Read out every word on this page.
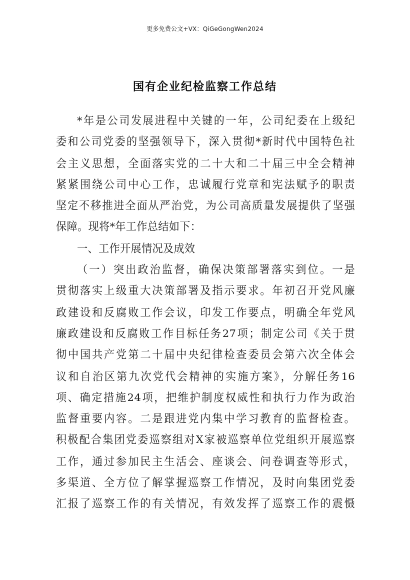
更多免费公文+VX：QiGeGongWen2024
国有企业纪检监察工作总结
*年是公司发展进程中关键的一年，公司纪委在上级纪
委和公司党委的坚强领导下，深入贯彻*新时代中国特色社
会主义思想，全面落实党的二十大和二十届三中全会精神
紧紧围绕公司中心工作，忠诚履行党章和宪法赋予的职责
坚定不移推进全面从严治党，为公司高质量发展提供了坚强
保障。现将*年工作总结如下：
一、工作开展情况及成效
（一）突出政治监督，确保决策部署落实到位。一是
贯彻落实上级重大决策部署及指示要求。年初召开党风廉
政建设和反腐败工作会议，印发工作要点，明确全年党风
廉政建设和反腐败工作目标任务27项；制定公司《关于贯
彻中国共产党第二十届中央纪律检查委员会第六次全体会
议和自治区第九次党代会精神的实施方案》，分解任务16
项、确定措施24项，把维护制度权威性和执行力作为政治
监督重要内容。二是跟进党内集中学习教育的监督检查。
积极配合集团党委巡察组对X家被巡察单位党组织开展巡察
工作，通过参加民主生活会、座谈会、问卷调查等形式，
多渠道、全方位了解掌握巡察工作情况，及时向集团党委
汇报了巡察工作的有关情况，有效发挥了巡察工作的震慑
